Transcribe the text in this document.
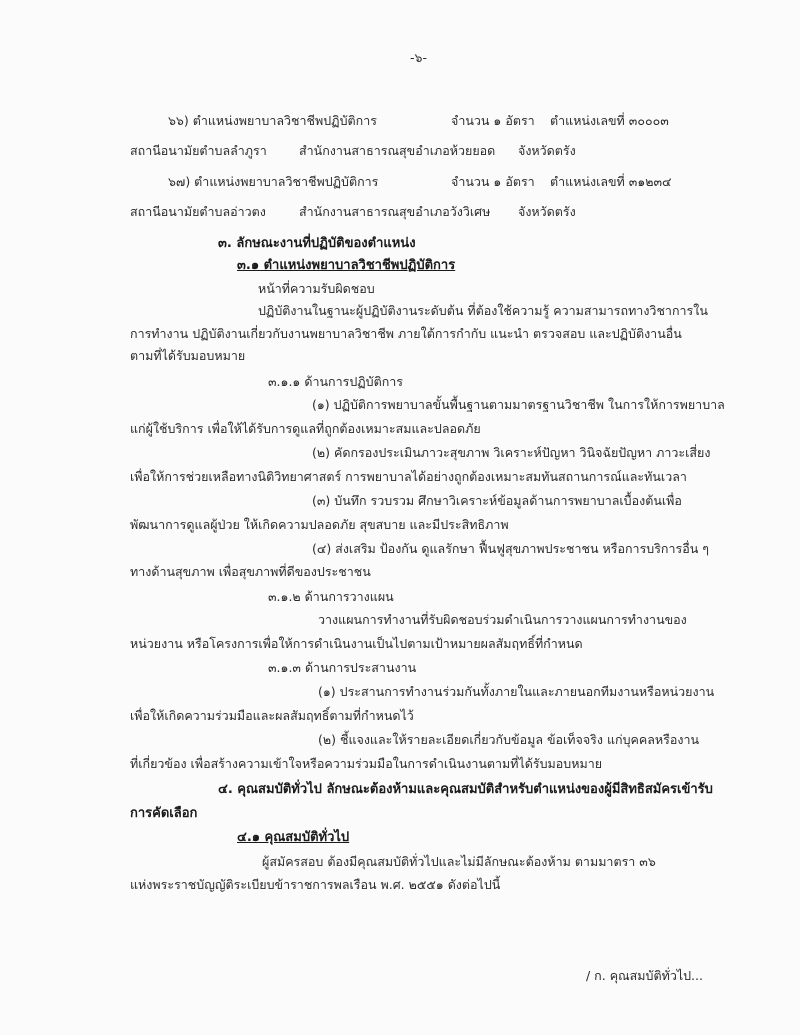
-๖-
๖๖) ตำแหน่งพยาบาลวิชาชีพปฏิบัติการ	จำนวน ๑ อัตรา ตำแหน่งเลขที่ ๓๐๐๐๓
สถานีอนามัยตำบลลำภูรา	สำนักงานสาธารณสุขอำเภอห้วยยอด จังหวัดตรัง
๖๗) ตำแหน่งพยาบาลวิชาชีพปฏิบัติการ	จำนวน ๑ อัตรา ตำแหน่งเลขที่ ๓๑๒๓๔
สถานีอนามัยตำบลอ่าวตง	สำนักงานสาธารณสุขอำเภอวังวิเศษ จังหวัดตรัง
๓. ลักษณะงานที่ปฏิบัติของตำแหน่ง
๓.๑ ตำแหน่งพยาบาลวิชาชีพปฏิบัติการ
หน้าที่ความรับผิดชอบ
ปฏิบัติงานในฐานะผู้ปฏิบัติงานระดับต้น ที่ต้องใช้ความรู้ ความสามารถทางวิชาการใน
การทำงาน ปฏิบัติงานเกี่ยวกับงานพยาบาลวิชาชีพ ภายใต้การกำกับ แนะนำ ตรวจสอบ และปฏิบัติงานอื่น
ตามที่ได้รับมอบหมาย
๓.๑.๑ ด้านการปฏิบัติการ
(๑) ปฏิบัติการพยาบาลขั้นพื้นฐานตามมาตรฐานวิชาชีพ ในการให้การพยาบาล
แก่ผู้ใช้บริการ เพื่อให้ได้รับการดูแลที่ถูกต้องเหมาะสมและปลอดภัย
(๒) คัดกรองประเมินภาวะสุขภาพ วิเคราะห์ปัญหา วินิจฉัยปัญหา ภาวะเสี่ยง
เพื่อให้การช่วยเหลือทางนิติวิทยาศาสตร์ การพยาบาลได้อย่างถูกต้องเหมาะสมทันสถานการณ์และทันเวลา
(๓) บันทึก รวบรวม ศึกษาวิเคราะห์ข้อมูลด้านการพยาบาลเบื้องต้นเพื่อ
พัฒนาการดูแลผู้ป่วย ให้เกิดความปลอดภัย สุขสบาย และมีประสิทธิภาพ
(๔) ส่งเสริม ป้องกัน ดูแลรักษา ฟื้นฟูสุขภาพประชาชน หรือการบริการอื่น ๆ
ทางด้านสุขภาพ เพื่อสุขภาพที่ดีของประชาชน
๓.๑.๒ ด้านการวางแผน
วางแผนการทำงานที่รับผิดชอบร่วมดำเนินการวางแผนการทำงานของ
หน่วยงาน หรือโครงการเพื่อให้การดำเนินงานเป็นไปตามเป้าหมายผลสัมฤทธิ์ที่กำหนด
๓.๑.๓ ด้านการประสานงาน
(๑) ประสานการทำงานร่วมกันทั้งภายในและภายนอกทีมงานหรือหน่วยงาน
เพื่อให้เกิดความร่วมมือและผลสัมฤทธิ์ตามที่กำหนดไว้
(๒) ชี้แจงและให้รายละเอียดเกี่ยวกับข้อมูล ข้อเท็จจริง แก่บุคคลหรืองาน
ที่เกี่ยวข้อง เพื่อสร้างความเข้าใจหรือความร่วมมือในการดำเนินงานตามที่ได้รับมอบหมาย
๔. คุณสมบัติทั่วไป ลักษณะต้องห้ามและคุณสมบัติสำหรับตำแหน่งของผู้มีสิทธิสมัครเข้ารับ
การคัดเลือก
๔.๑ คุณสมบัติทั่วไป
ผู้สมัครสอบ ต้องมีคุณสมบัติทั่วไปและไม่มีลักษณะต้องห้าม ตามมาตรา ๓๖
แห่งพระราชบัญญัติระเบียบข้าราชการพลเรือน พ.ศ. ๒๕๕๑ ดังต่อไปนี้
/ ก. คุณสมบัติทั่วไป...
